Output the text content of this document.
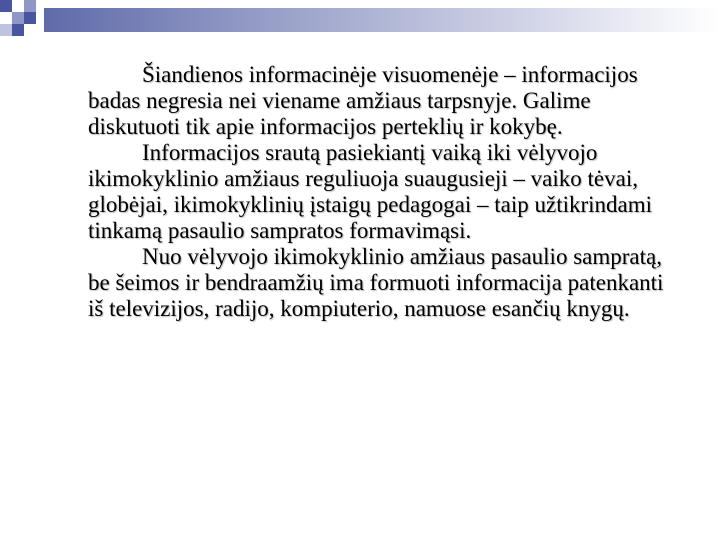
Šiandienos informacinėje visuomenėje – informacijos badas negresia nei viename amžiaus tarpsnyje. Galime diskutuoti tik apie informacijos perteklių ir kokybę.

Informacijos srautą pasiekiantį vaiką iki vėlyvojo ikimokyklinio amžiaus reguliuoja suaugusieji – vaiko tėvai, globėjai, ikimokyklinių įstaigų pedagogai – taip užtikrindami tinkamą pasaulio sampratos formavimąsi.

Nuo vėlyvojo ikimokyklinio amžiaus pasaulio sampratą, be šeimos ir bendraamžių ima formuoti informacija patenkanti iš televizijos, radijo, kompiuterio, namuose esančių knygų.
